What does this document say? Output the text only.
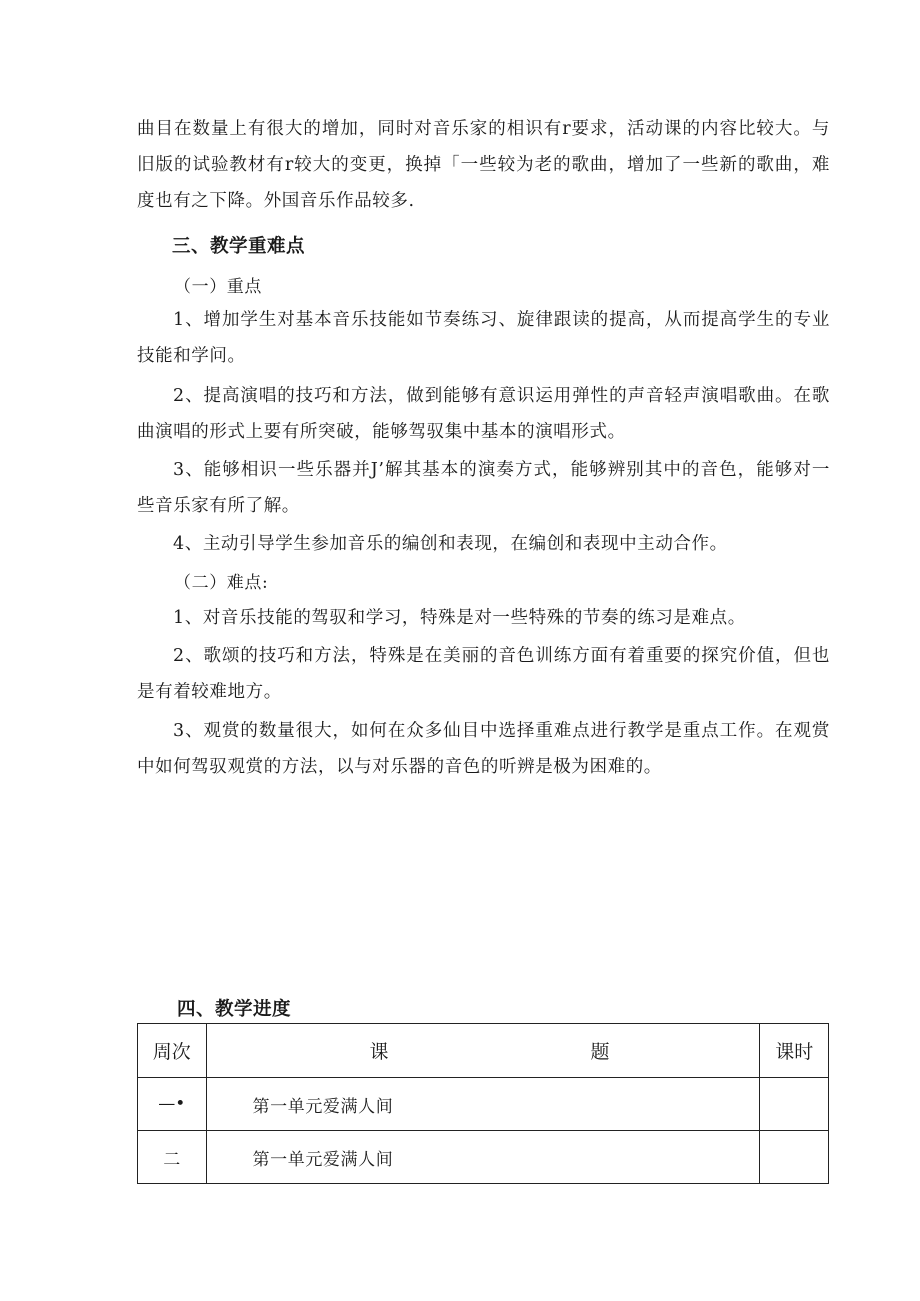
曲目在数量上有很大的增加，同时对音乐家的相识有r要求，活动课的内容比较大。与旧版的试验教材有r较大的变更，换掉「一些较为老的歌曲，增加了一些新的歌曲，难度也有之下降。外国音乐作品较多.

三、教学重难点

（一）重点

1、增加学生对基本音乐技能如节奏练习、旋律跟读的提高，从而提高学生的专业技能和学问。

2、提高演唱的技巧和方法，做到能够有意识运用弹性的声音轻声演唱歌曲。在歌曲演唱的形式上要有所突破，能够驾驭集中基本的演唱形式。

3、能够相识一些乐器并J’解其基本的演奏方式，能够辨别其中的音色，能够对一些音乐家有所了解。

4、主动引导学生参加音乐的编创和表现，在编创和表现中主动合作。

（二）难点:

1、对音乐技能的驾驭和学习，特殊是对一些特殊的节奏的练习是难点。

2、歌颂的技巧和方法，特殊是在美丽的音色训练方面有着重要的探究价值，但也是有着较难地方。

3、观赏的数量很大，如何在众多仙目中选择重难点进行教学是重点工作。在观赏中如何驾驭观赏的方法，以与对乐器的音色的听辨是极为困难的。

四、教学进度
周次	课 题	课时
—•	第一单元爱满人间	
二	第一单元爱满人间	
